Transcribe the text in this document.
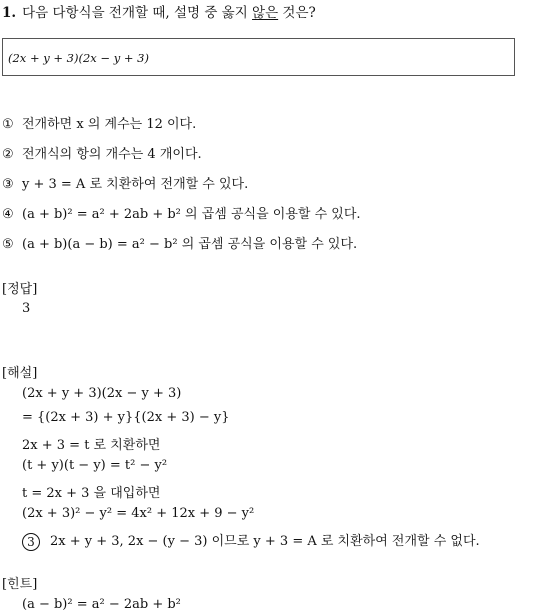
1. 다음 다항식을 전개할 때, 설명 중 옳지 않은 것은?
(2x + y + 3)(2x − y + 3)
① 전개하면 x 의 계수는 12 이다.
② 전개식의 항의 개수는 4 개이다.
③ y + 3 = A 로 치환하여 전개할 수 있다.
④ (a + b)² = a² + 2ab + b² 의 곱셈 공식을 이용할 수 있다.
⑤ (a + b)(a − b) = a² − b² 의 곱셈 공식을 이용할 수 있다.
[정답]
3
[해설]
(2x + y + 3)(2x − y + 3)
= {(2x + 3) + y}{(2x + 3) − y}
2x + 3 = t 로 치환하면
(t + y)(t − y) = t² − y²
t = 2x + 3 을 대입하면
(2x + 3)² − y² = 4x² + 12x + 9 − y²
3 2x + y + 3, 2x − (y − 3) 이므로 y + 3 = A 로 치환하여 전개할 수 없다.
[힌트]
(a − b)² = a² − 2ab + b²
